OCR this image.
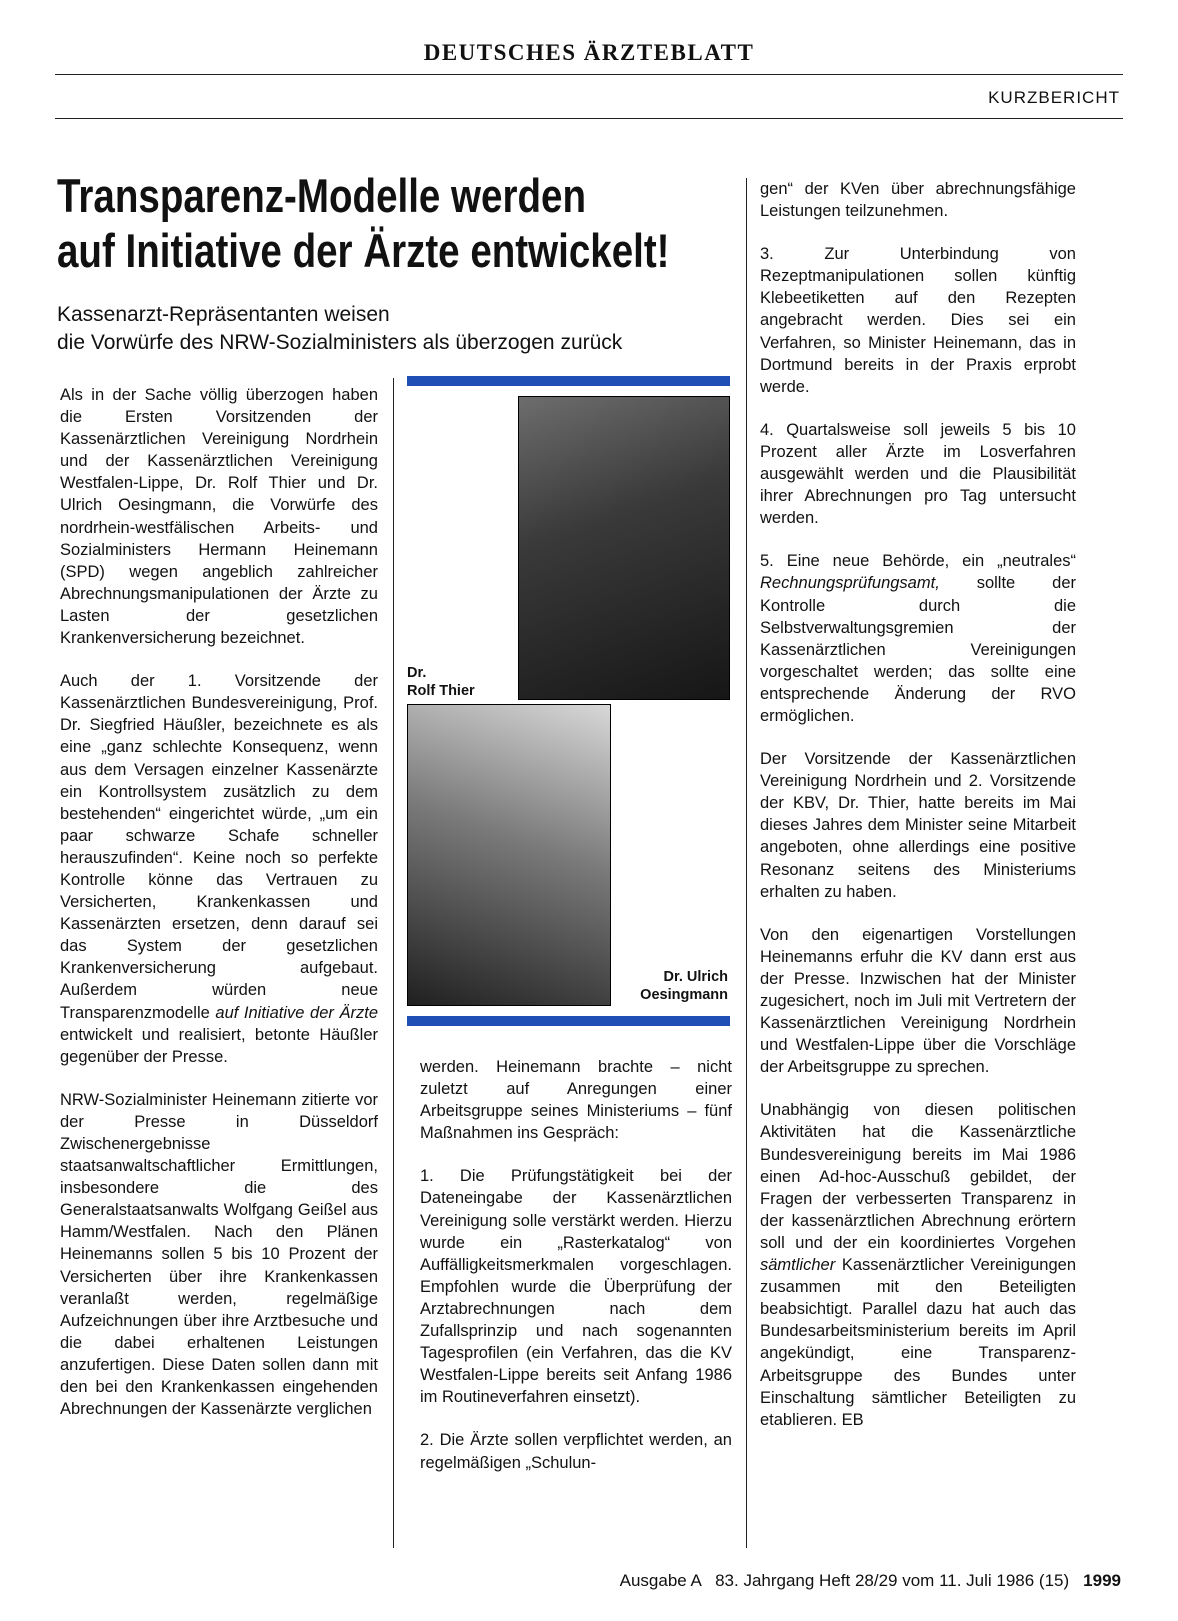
DEUTSCHES ÄRZTEBLATT
KURZBERICHT
Transparenz-Modelle werden
auf Initiative der Ärzte entwickelt!
Kassenarzt-Repräsentanten weisen
die Vorwürfe des NRW-Sozialministers als überzogen zurück

Als in der Sache völlig überzogen haben die Ersten Vorsitzenden der Kassenärztlichen Vereinigung Nordrhein und der Kassenärztlichen Vereinigung Westfalen-Lippe, Dr. Rolf Thier und Dr. Ulrich Oesingmann, die Vorwürfe des nordrhein-westfälischen Arbeits- und Sozialministers Hermann Heinemann (SPD) wegen angeblich zahlreicher Abrechnungsmanipulationen der Ärzte zu Lasten der gesetzlichen Krankenversicherung bezeichnet.

Auch der 1. Vorsitzende der Kassenärztlichen Bundesvereinigung, Prof. Dr. Siegfried Häußler, bezeichnete es als eine „ganz schlechte Konsequenz, wenn aus dem Versagen einzelner Kassenärzte ein Kontrollsystem zusätzlich zu dem bestehenden“ eingerichtet würde, „um ein paar schwarze Schafe schneller herauszufinden“. Keine noch so perfekte Kontrolle könne das Vertrauen zu Versicherten, Krankenkassen und Kassenärzten ersetzen, denn darauf sei das System der gesetzlichen Krankenversicherung aufgebaut. Außerdem würden neue Transparenzmodelle auf Initiative der Ärzte entwickelt und realisiert, betonte Häußler gegenüber der Presse.

NRW-Sozialminister Heinemann zitierte vor der Presse in Düsseldorf Zwischenergebnisse staatsanwaltschaftlicher Ermittlungen, insbesondere die des Generalstaatsanwalts Wolfgang Geißel aus Hamm/Westfalen. Nach den Plänen Heinemanns sollen 5 bis 10 Prozent der Versicherten über ihre Krankenkassen veranlaßt werden, regelmäßige Aufzeichnungen über ihre Arztbesuche und die dabei erhaltenen Leistungen anzufertigen. Diese Daten sollen dann mit den bei den Krankenkassen eingehenden Abrechnungen der Kassenärzte verglichen

Dr.
Rolf Thier
Dr. Ulrich
Oesingmann

werden. Heinemann brachte – nicht zuletzt auf Anregungen einer Arbeitsgruppe seines Ministeriums – fünf Maßnahmen ins Gespräch:

1. Die Prüfungstätigkeit bei der Dateneingabe der Kassenärztlichen Vereinigung solle verstärkt werden. Hierzu wurde ein „Rasterkatalog“ von Auffälligkeitsmerkmalen vorgeschlagen. Empfohlen wurde die Überprüfung der Arztabrechnungen nach dem Zufallsprinzip und nach sogenannten Tagesprofilen (ein Verfahren, das die KV Westfalen-Lippe bereits seit Anfang 1986 im Routineverfahren einsetzt).

2. Die Ärzte sollen verpflichtet werden, an regelmäßigen „Schulun-

gen“ der KVen über abrechnungsfähige Leistungen teilzunehmen.

3. Zur Unterbindung von Rezeptmanipulationen sollen künftig Klebeetiketten auf den Rezepten angebracht werden. Dies sei ein Verfahren, so Minister Heinemann, das in Dortmund bereits in der Praxis erprobt werde.

4. Quartalsweise soll jeweils 5 bis 10 Prozent aller Ärzte im Losverfahren ausgewählt werden und die Plausibilität ihrer Abrechnungen pro Tag untersucht werden.

5. Eine neue Behörde, ein „neutrales“ Rechnungsprüfungsamt, sollte der Kontrolle durch die Selbstverwaltungsgremien der Kassenärztlichen Vereinigungen vorgeschaltet werden; das sollte eine entsprechende Änderung der RVO ermöglichen.

Der Vorsitzende der Kassenärztlichen Vereinigung Nordrhein und 2. Vorsitzende der KBV, Dr. Thier, hatte bereits im Mai dieses Jahres dem Minister seine Mitarbeit angeboten, ohne allerdings eine positive Resonanz seitens des Ministeriums erhalten zu haben.

Von den eigenartigen Vorstellungen Heinemanns erfuhr die KV dann erst aus der Presse. Inzwischen hat der Minister zugesichert, noch im Juli mit Vertretern der Kassenärztlichen Vereinigung Nordrhein und Westfalen-Lippe über die Vorschläge der Arbeitsgruppe zu sprechen.

Unabhängig von diesen politischen Aktivitäten hat die Kassenärztliche Bundesvereinigung bereits im Mai 1986 einen Ad-hoc-Ausschuß gebildet, der Fragen der verbesserten Transparenz in der kassenärztlichen Abrechnung erörtern soll und der ein koordiniertes Vorgehen sämtlicher Kassenärztlicher Vereinigungen zusammen mit den Beteiligten beabsichtigt. Parallel dazu hat auch das Bundesarbeitsministerium bereits im April angekündigt, eine Transparenz-Arbeitsgruppe des Bundes unter Einschaltung sämtlicher Beteiligten zu etablieren. EB

Ausgabe A   83. Jahrgang Heft 28/29 vom 11. Juli 1986 (15) 1999
